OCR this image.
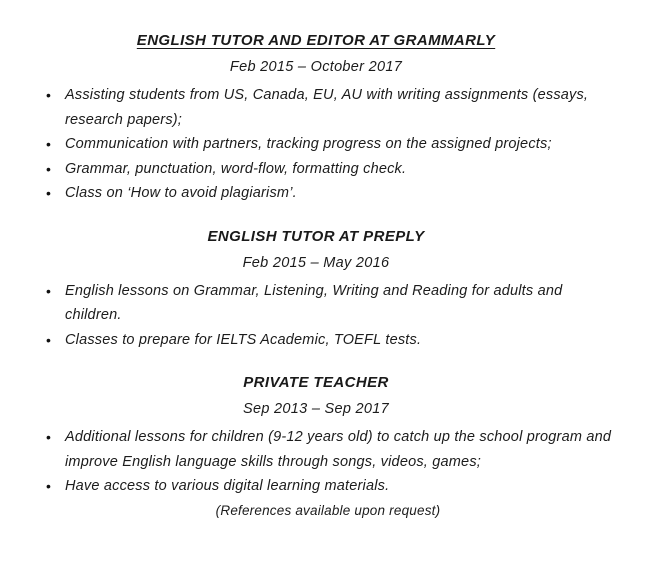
ENGLISH TUTOR AND EDITOR AT GRAMMARLY
Feb 2015 – October 2017
• Assisting students from US, Canada, EU, AU with writing assignments (essays, research papers);
• Communication with partners, tracking progress on the assigned projects;
• Grammar, punctuation, word-flow, formatting check.
• Class on ‘How to avoid plagiarism’.
ENGLISH TUTOR AT PREPLY
Feb 2015 – May 2016
• English lessons on Grammar, Listening, Writing and Reading for adults and children.
• Classes to prepare for IELTS Academic, TOEFL tests.
PRIVATE TEACHER
Sep 2013 – Sep 2017
• Additional lessons for children (9-12 years old) to catch up the school program and improve English language skills through songs, videos, games;
• Have access to various digital learning materials.
(References available upon request)
